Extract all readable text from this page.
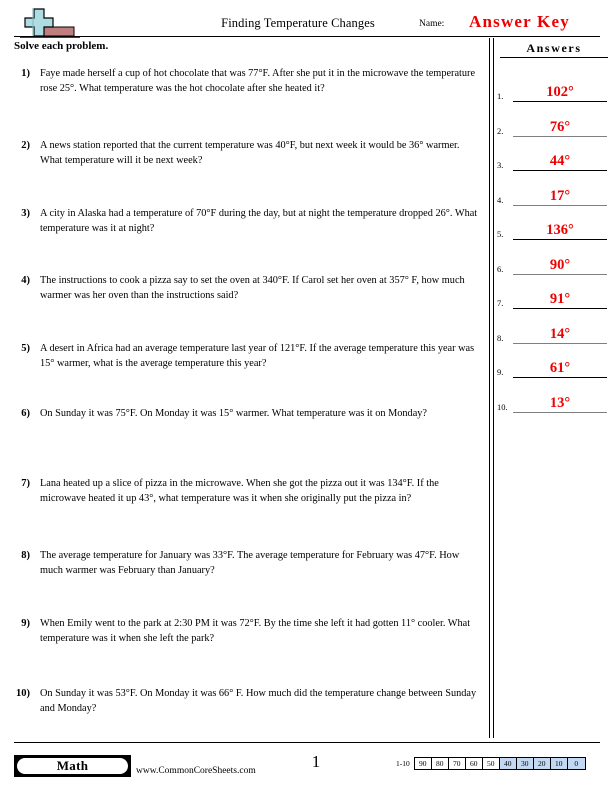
Finding Temperature Changes	Name: Answer Key
Solve each problem.
1) Faye made herself a cup of hot chocolate that was 77°F. After she put it in the microwave the temperature rose 25°. What temperature was the hot chocolate after she heated it?
2) A news station reported that the current temperature was 40°F, but next week it would be 36° warmer. What temperature will it be next week?
3) A city in Alaska had a temperature of 70°F during the day, but at night the temperature dropped 26°. What temperature was it at night?
4) The instructions to cook a pizza say to set the oven at 340°F. If Carol set her oven at 357° F, how much warmer was her oven than the instructions said?
5) A desert in Africa had an average temperature last year of 121°F. If the average temperature this year was 15° warmer, what is the average temperature this year?
6) On Sunday it was 75°F. On Monday it was 15° warmer. What temperature was it on Monday?
7) Lana heated up a slice of pizza in the microwave. When she got the pizza out it was 134°F. If the microwave heated it up 43°, what temperature was it when she originally put the pizza in?
8) The average temperature for January was 33°F. The average temperature for February was 47°F. How much warmer was February than January?
9) When Emily went to the park at 2:30 PM it was 72°F. By the time she left it had gotten 11° cooler. What temperature was it when she left the park?
10) On Sunday it was 53°F. On Monday it was 66° F. How much did the temperature change between Sunday and Monday?
Answers
1.	102°
2.	76°
3.	44°
4.	17°
5.	136°
6.	90°
7.	91°
8.	14°
9.	61°
10.	13°
Math	www.CommonCoreSheets.com	1	1-10	90	80	70	60	50	40	30	20	10	0
